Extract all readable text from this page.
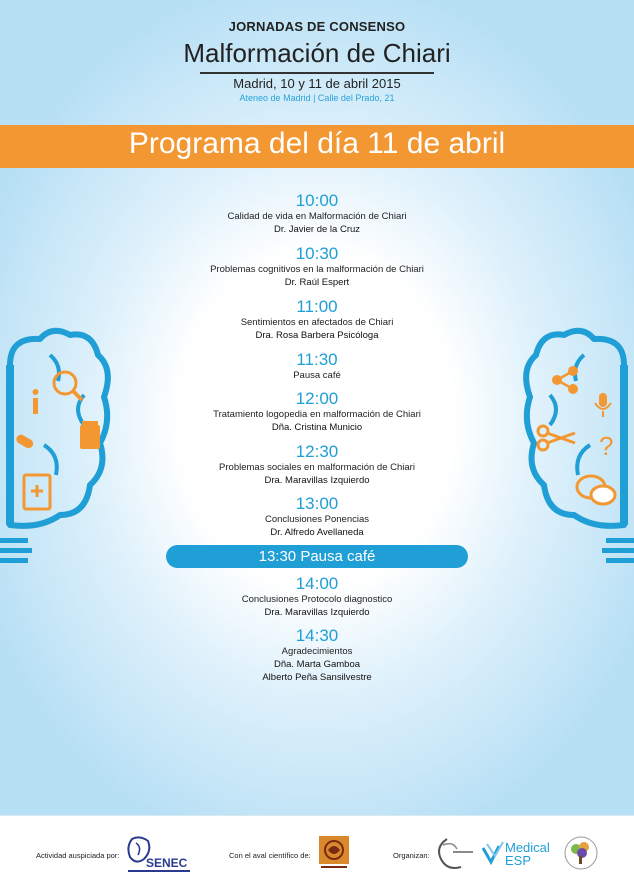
JORNADAS DE CONSENSO
Malformación de Chiari
Madrid, 10 y 11 de abril 2015
Ateneo de Madrid | Calle del Prado, 21
Programa del día 11 de abril
?
10:00
Calidad de vida en Malformación de Chiari
Dr. Javier de la Cruz
10:30
Problemas cognitivos en la malformación de Chiari
Dr. Raúl Espert
11:00
Sentimientos en afectados de Chiari
Dra. Rosa Barbera Psicóloga
11:30
Pausa café
12:00
Tratamiento logopedia en malformación de Chiari
Dña. Cristina Municio
12:30
Problemas sociales en malformación de Chiari
Dra. Maravillas Izquierdo
13:00
Conclusiones Ponencias
Dr. Alfredo Avellaneda
13:30 Pausa café
14:00
Conclusiones Protocolo diagnostico
Dra. Maravillas Izquierdo
14:30
Agradecimientos
Dña. Marta Gamboa
Alberto Peña Sansilvestre
Actividad auspiciada por:
SENEC
Con el aval científico de:	Organizan:
Medical
ESP
